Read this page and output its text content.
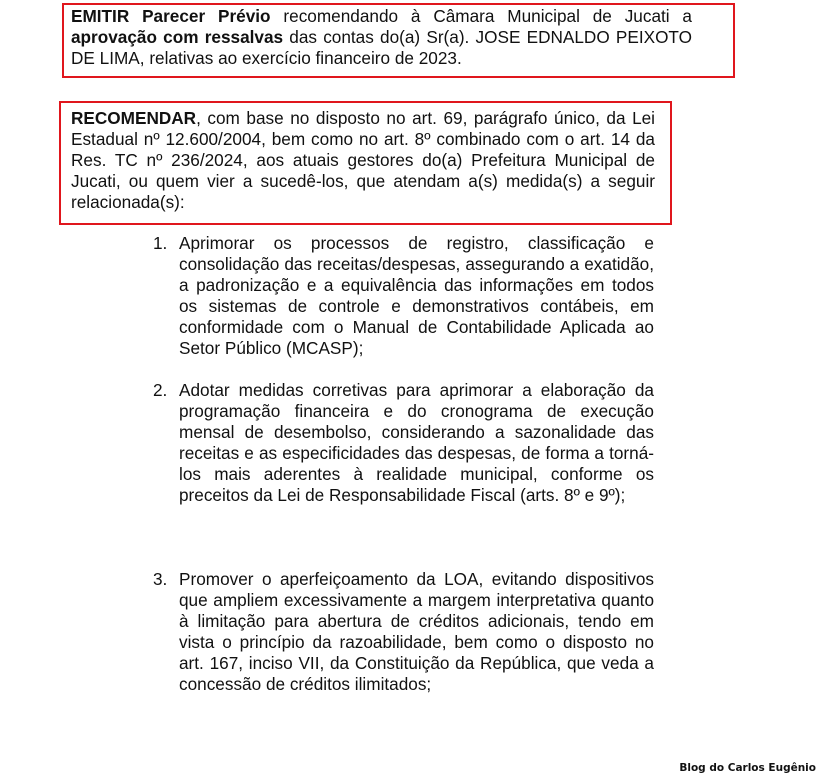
EMITIR Parecer Prévio recomendando à Câmara Municipal de Jucati a aprovação com ressalvas das contas do(a) Sr(a). JOSE EDNALDO PEIXOTO DE LIMA, relativas ao exercício financeiro de 2023.

RECOMENDAR, com base no disposto no art. 69, parágrafo único, da Lei Estadual nº 12.600/2004, bem como no art. 8º combinado com o art. 14 da Res. TC nº 236/2024, aos atuais gestores do(a) Prefeitura Municipal de Jucati, ou quem vier a sucedê-los, que atendam a(s) medida(s) a seguir relacionada(s):

1. Aprimorar os processos de registro, classificação e consolidação das receitas/despesas, assegurando a exatidão, a padronização e a equivalência das informações em todos os sistemas de controle e demonstrativos contábeis, em conformidade com o Manual de Contabilidade Aplicada ao Setor Público (MCASP);
2. Adotar medidas corretivas para aprimorar a elaboração da programação financeira e do cronograma de execução mensal de desembolso, considerando a sazonalidade das receitas e as especificidades das despesas, de forma a torná-los mais aderentes à realidade municipal, conforme os preceitos da Lei de Responsabilidade Fiscal (arts. 8º e 9º);
3. Promover o aperfeiçoamento da LOA, evitando dispositivos que ampliem excessivamente a margem interpretativa quanto à limitação para abertura de créditos adicionais, tendo em vista o princípio da razoabilidade, bem como o disposto no art. 167, inciso VII, da Constituição da República, que veda a concessão de créditos ilimitados;
Blog do Carlos Eugênio
